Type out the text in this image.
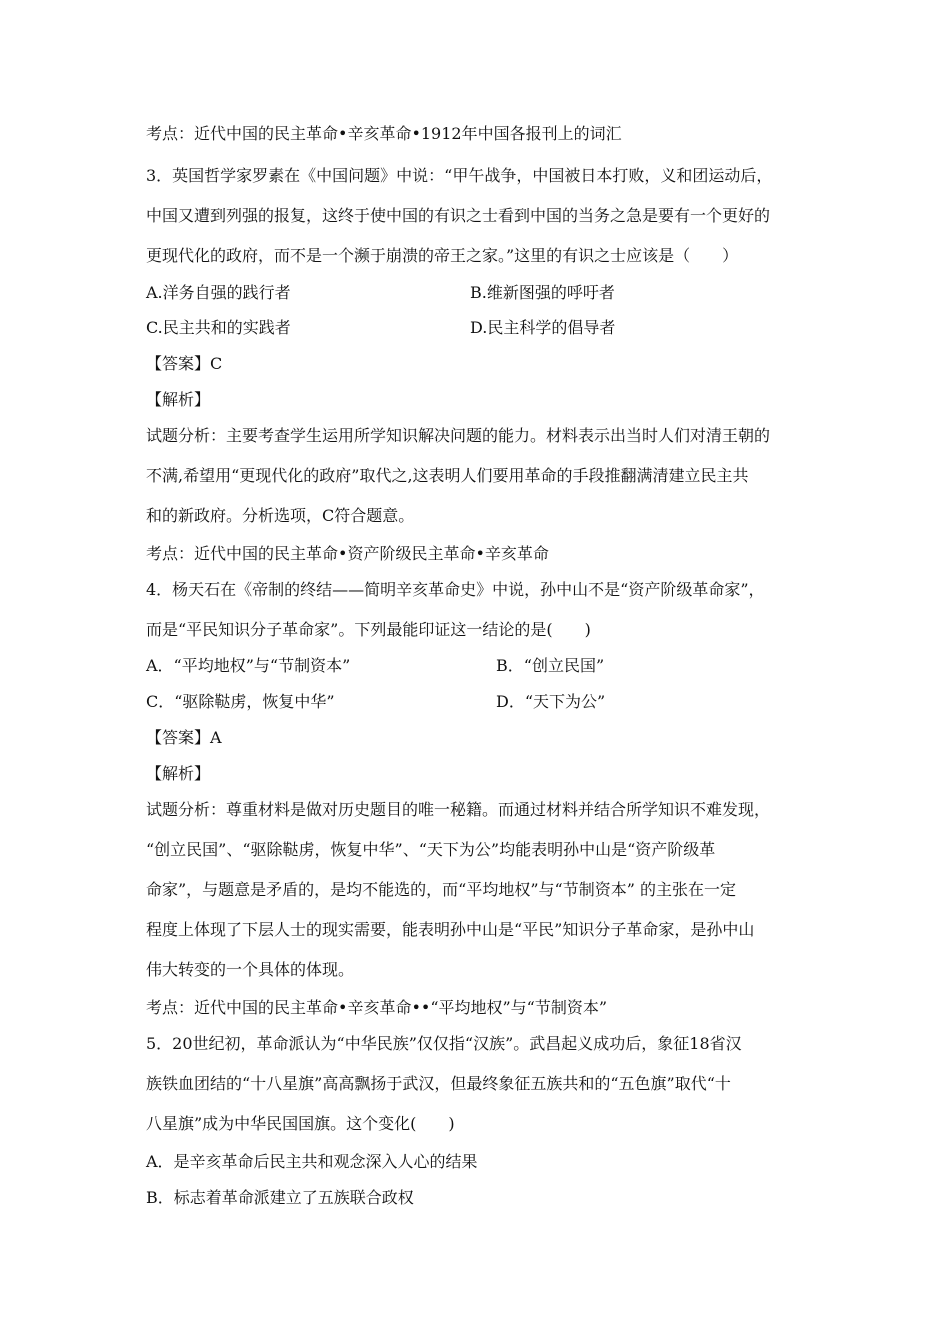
考点：近代中国的民主革命•辛亥革命•1912年中国各报刊上的词汇
3．英国哲学家罗素在《中国问题》中说：“甲午战争，中国被日本打败，义和团运动后，
中国又遭到列强的报复，这终于使中国的有识之士看到中国的当务之急是要有一个更好的
更现代化的政府，而不是一个濒于崩溃的帝王之家。”这里的有识之士应该是（　　）
A.洋务自强的践行者	B.维新图强的呼吁者
C.民主共和的实践者	D.民主科学的倡导者
【答案】C
【解析】
试题分析：主要考查学生运用所学知识解决问题的能力。材料表示出当时人们对清王朝的
不满,希望用“更现代化的政府”取代之,这表明人们要用革命的手段推翻满清建立民主共
和的新政府。分析选项，C符合题意。
考点：近代中国的民主革命•资产阶级民主革命•辛亥革命
4．杨天石在《帝制的终结——简明辛亥革命史》中说，孙中山不是“资产阶级革命家”，
而是“平民知识分子革命家”。下列最能印证这一结论的是(　　)
A．“平均地权”与“节制资本”	B．“创立民国”
C．“驱除鞑虏，恢复中华”	D．“天下为公”
【答案】A
【解析】
试题分析：尊重材料是做对历史题目的唯一秘籍。而通过材料并结合所学知识不难发现，
“创立民国”、“驱除鞑虏，恢复中华”、“天下为公”均能表明孙中山是“资产阶级革
命家”，与题意是矛盾的，是均不能选的，而“平均地权”与“节制资本” 的主张在一定
程度上体现了下层人士的现实需要，能表明孙中山是“平民”知识分子革命家，是孙中山
伟大转变的一个具体的体现。
考点：近代中国的民主革命•辛亥革命••“平均地权”与“节制资本”
5．20世纪初，革命派认为“中华民族”仅仅指“汉族”。武昌起义成功后，象征18省汉
族铁血团结的“十八星旗”高高飘扬于武汉，但最终象征五族共和的“五色旗”取代“十
八星旗”成为中华民国国旗。这个变化(　　)
A．是辛亥革命后民主共和观念深入人心的结果
B．标志着革命派建立了五族联合政权
